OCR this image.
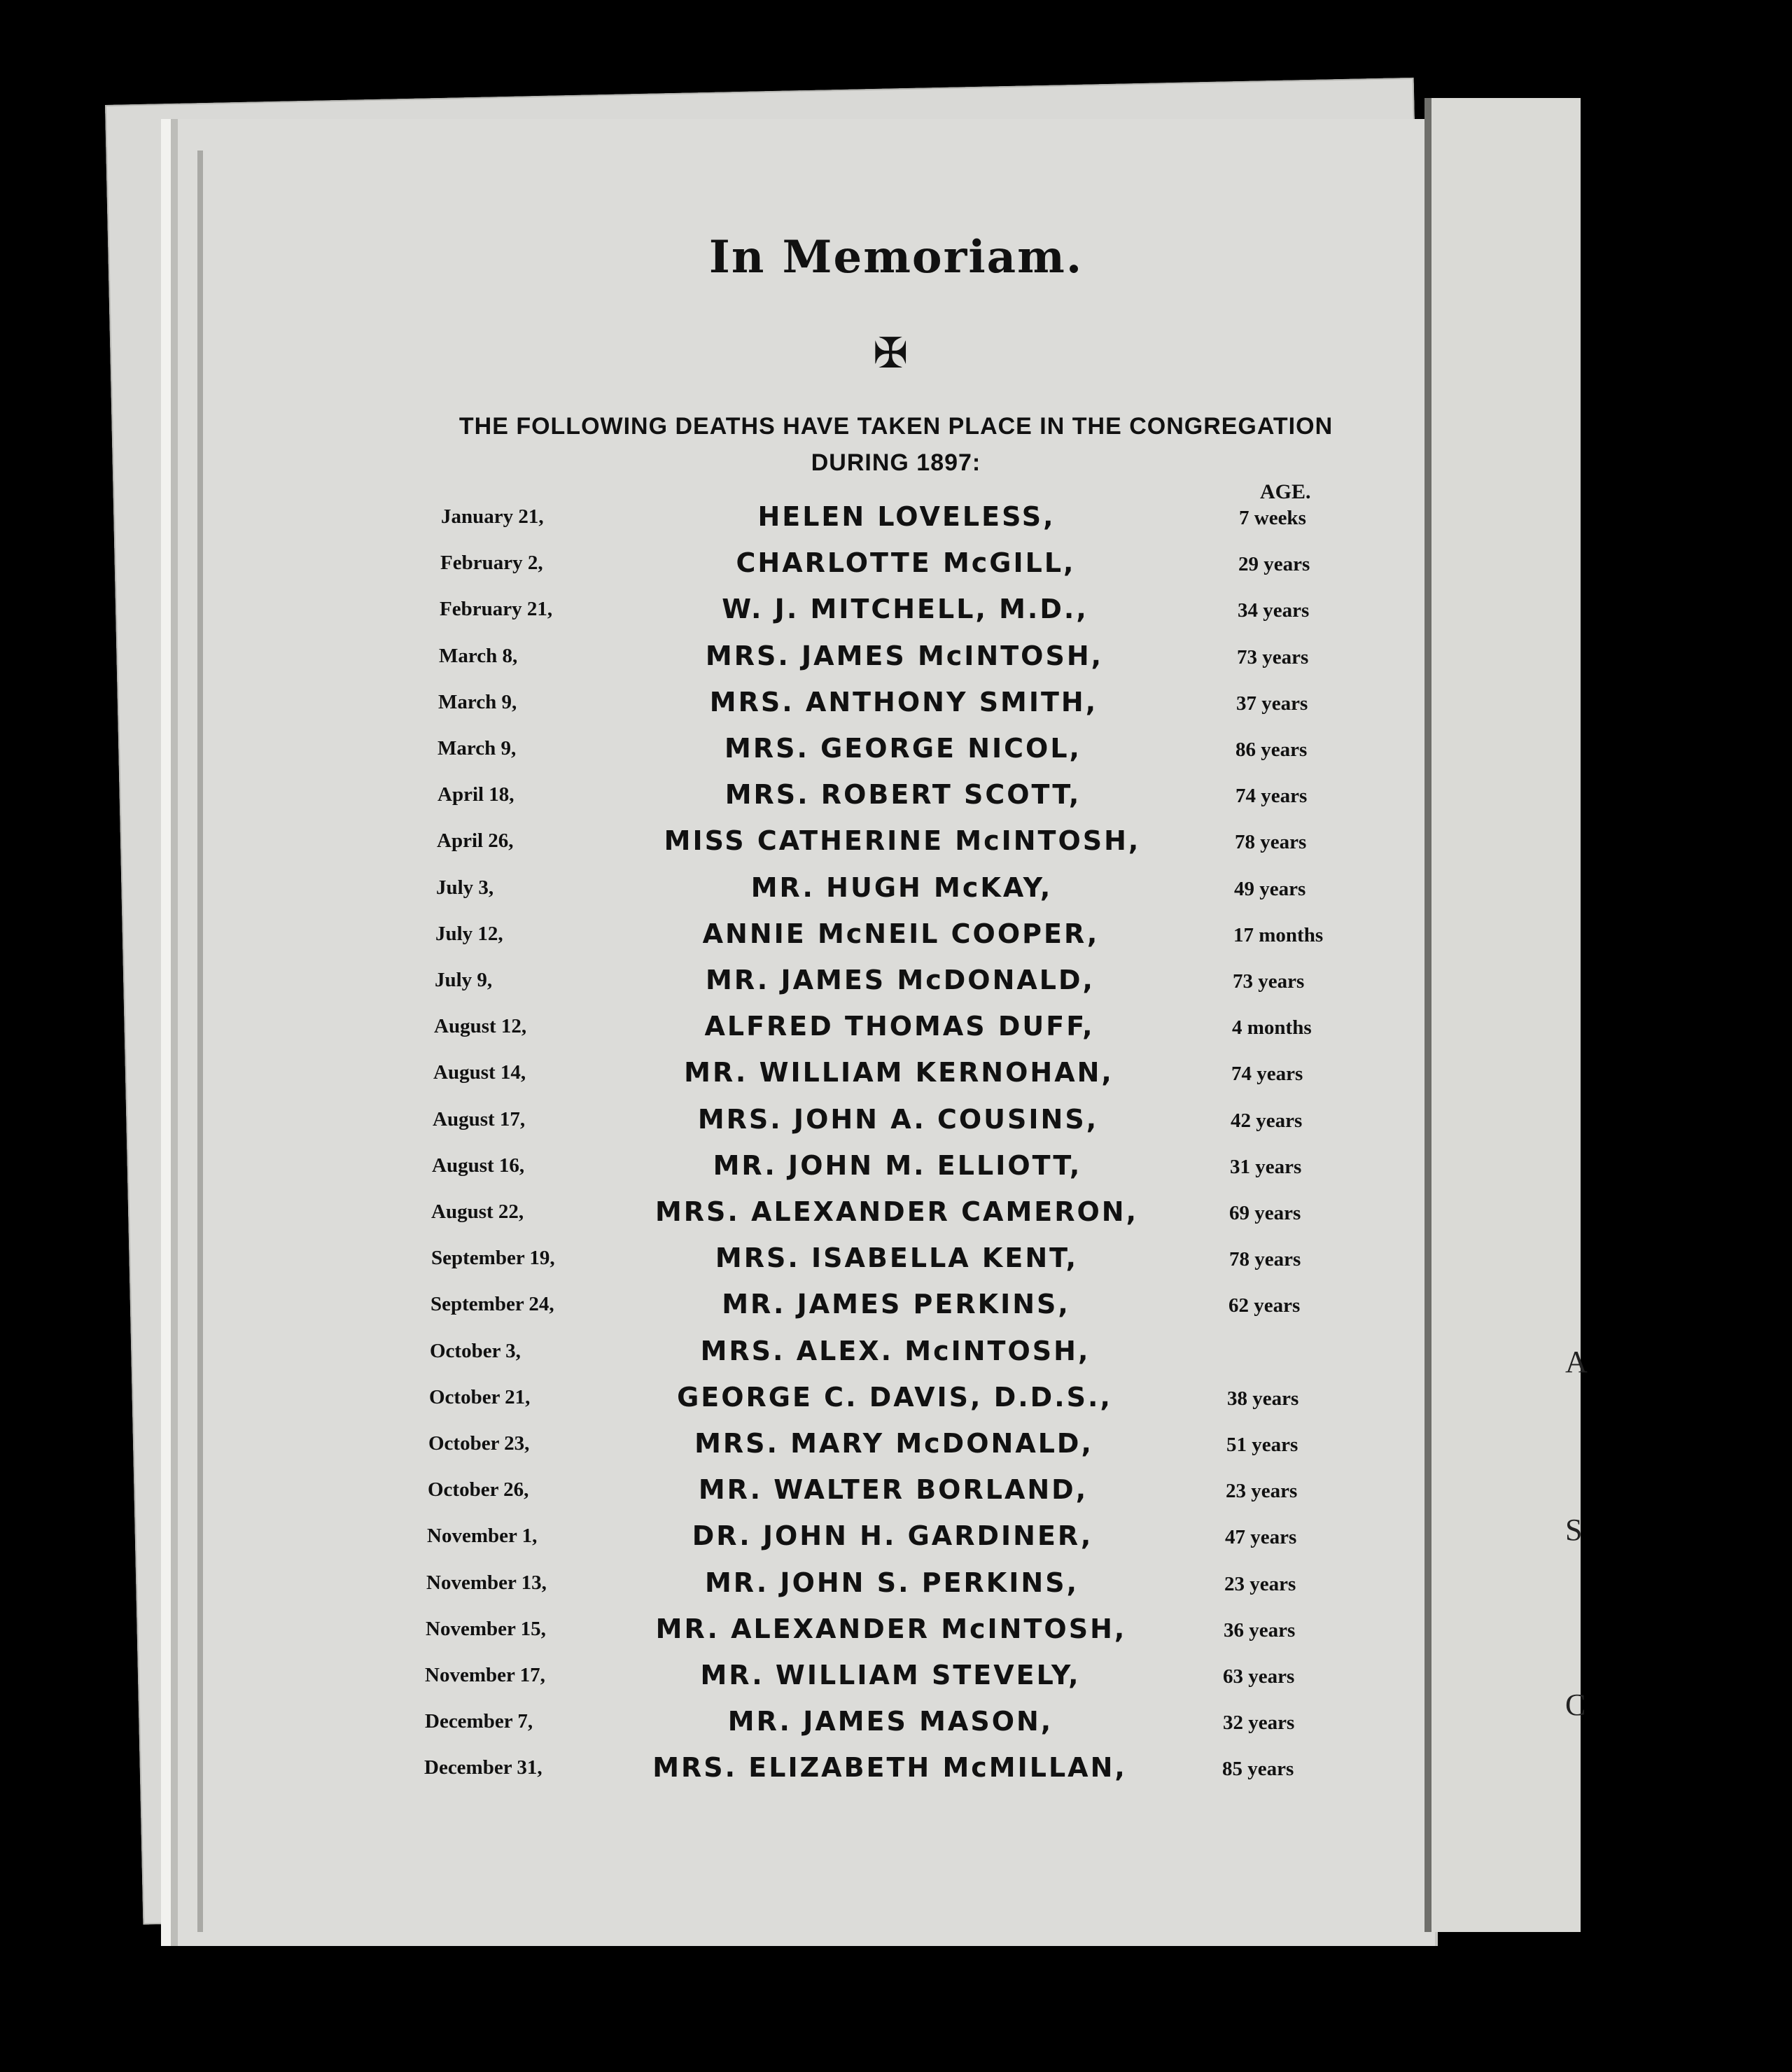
A
S
C
In Memoriam.
✠
THE FOLLOWING DEATHS HAVE TAKEN PLACE IN THE CONGREGATION
DURING 1897:
AGE.
January 21,	HELEN LOVELESS,	7 weeks
February 2,	CHARLOTTE McGILL,	29 years
February 21,	W. J. MITCHELL, M.D.,	34 years
March 8,	MRS. JAMES McINTOSH,	73 years
March 9,	MRS. ANTHONY SMITH,	37 years
March 9,	MRS. GEORGE NICOL,	86 years
April 18,	MRS. ROBERT SCOTT,	74 years
April 26,	MISS CATHERINE McINTOSH,	78 years
July 3,	MR. HUGH McKAY,	49 years
July 12,	ANNIE McNEIL COOPER,	17 months
July 9,	MR. JAMES McDONALD,	73 years
August 12,	ALFRED THOMAS DUFF,	4 months
August 14,	MR. WILLIAM KERNOHAN,	74 years
August 17,	MRS. JOHN A. COUSINS,	42 years
August 16,	MR. JOHN M. ELLIOTT,	31 years
August 22,	MRS. ALEXANDER CAMERON,	69 years
September 19,	MRS. ISABELLA KENT,	78 years
September 24,	MR. JAMES PERKINS,	62 years
October 3,	MRS. ALEX. McINTOSH,
October 21,	GEORGE C. DAVIS, D.D.S.,	38 years
October 23,	MRS. MARY McDONALD,	51 years
October 26,	MR. WALTER BORLAND,	23 years
November 1,	DR. JOHN H. GARDINER,	47 years
November 13,	MR. JOHN S. PERKINS,	23 years
November 15,	MR. ALEXANDER McINTOSH,	36 years
November 17,	MR. WILLIAM STEVELY,	63 years
December 7,	MR. JAMES MASON,	32 years
December 31,	MRS. ELIZABETH McMILLAN,	85 years
